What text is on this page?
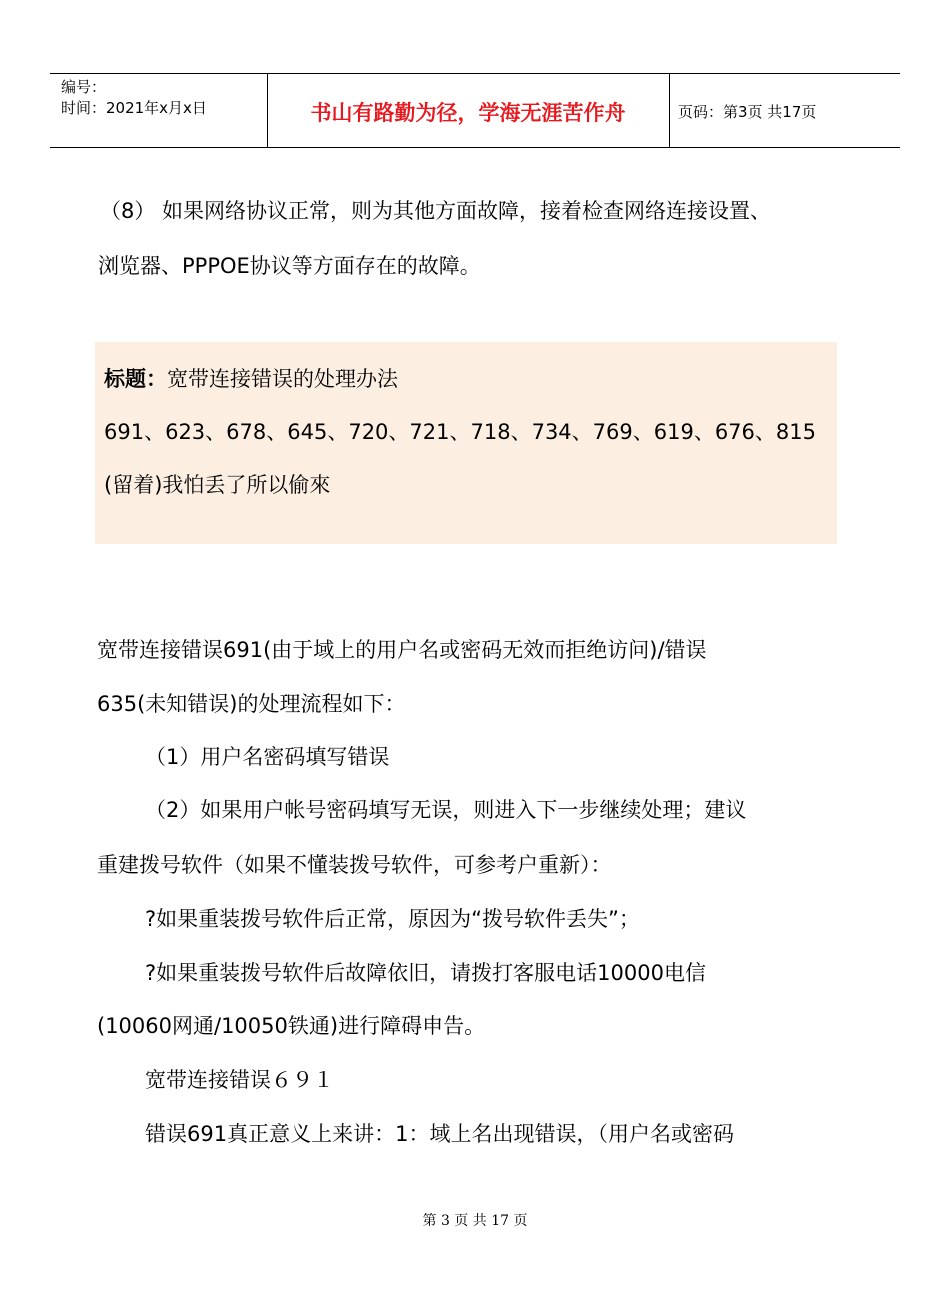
编号：
时间：2021年x月x日	书山有路勤为径，学海无涯苦作舟	页码：第3页 共17页
（8） 如果网络协议正常，则为其他方面故障，接着检查网络连接设置、
浏览器、PPPOE协议等方面存在的故障。
标题：宽带连接错误的处理办法
691、623、678、645、720、721、718、734、769、619、676、815
(留着)我怕丢了所以偷來
宽带连接错误691(由于域上的用户名或密码无效而拒绝访问)/错误
635(未知错误)的处理流程如下：
（1）用户名密码填写错误
（2）如果用户帐号密码填写无误，则进入下一步继续处理；建议
重建拨号软件（如果不懂装拨号软件，可参考户重新）：
?如果重装拨号软件后正常，原因为“拨号软件丢失”；
?如果重装拨号软件后故障依旧，请拨打客服电话10000电信
(10060网通/10050铁通)进行障碍申告。
宽带连接错误６９１
错误691真正意义上来讲：1：域上名出现错误，（用户名或密码
第 3 页 共 17 页
